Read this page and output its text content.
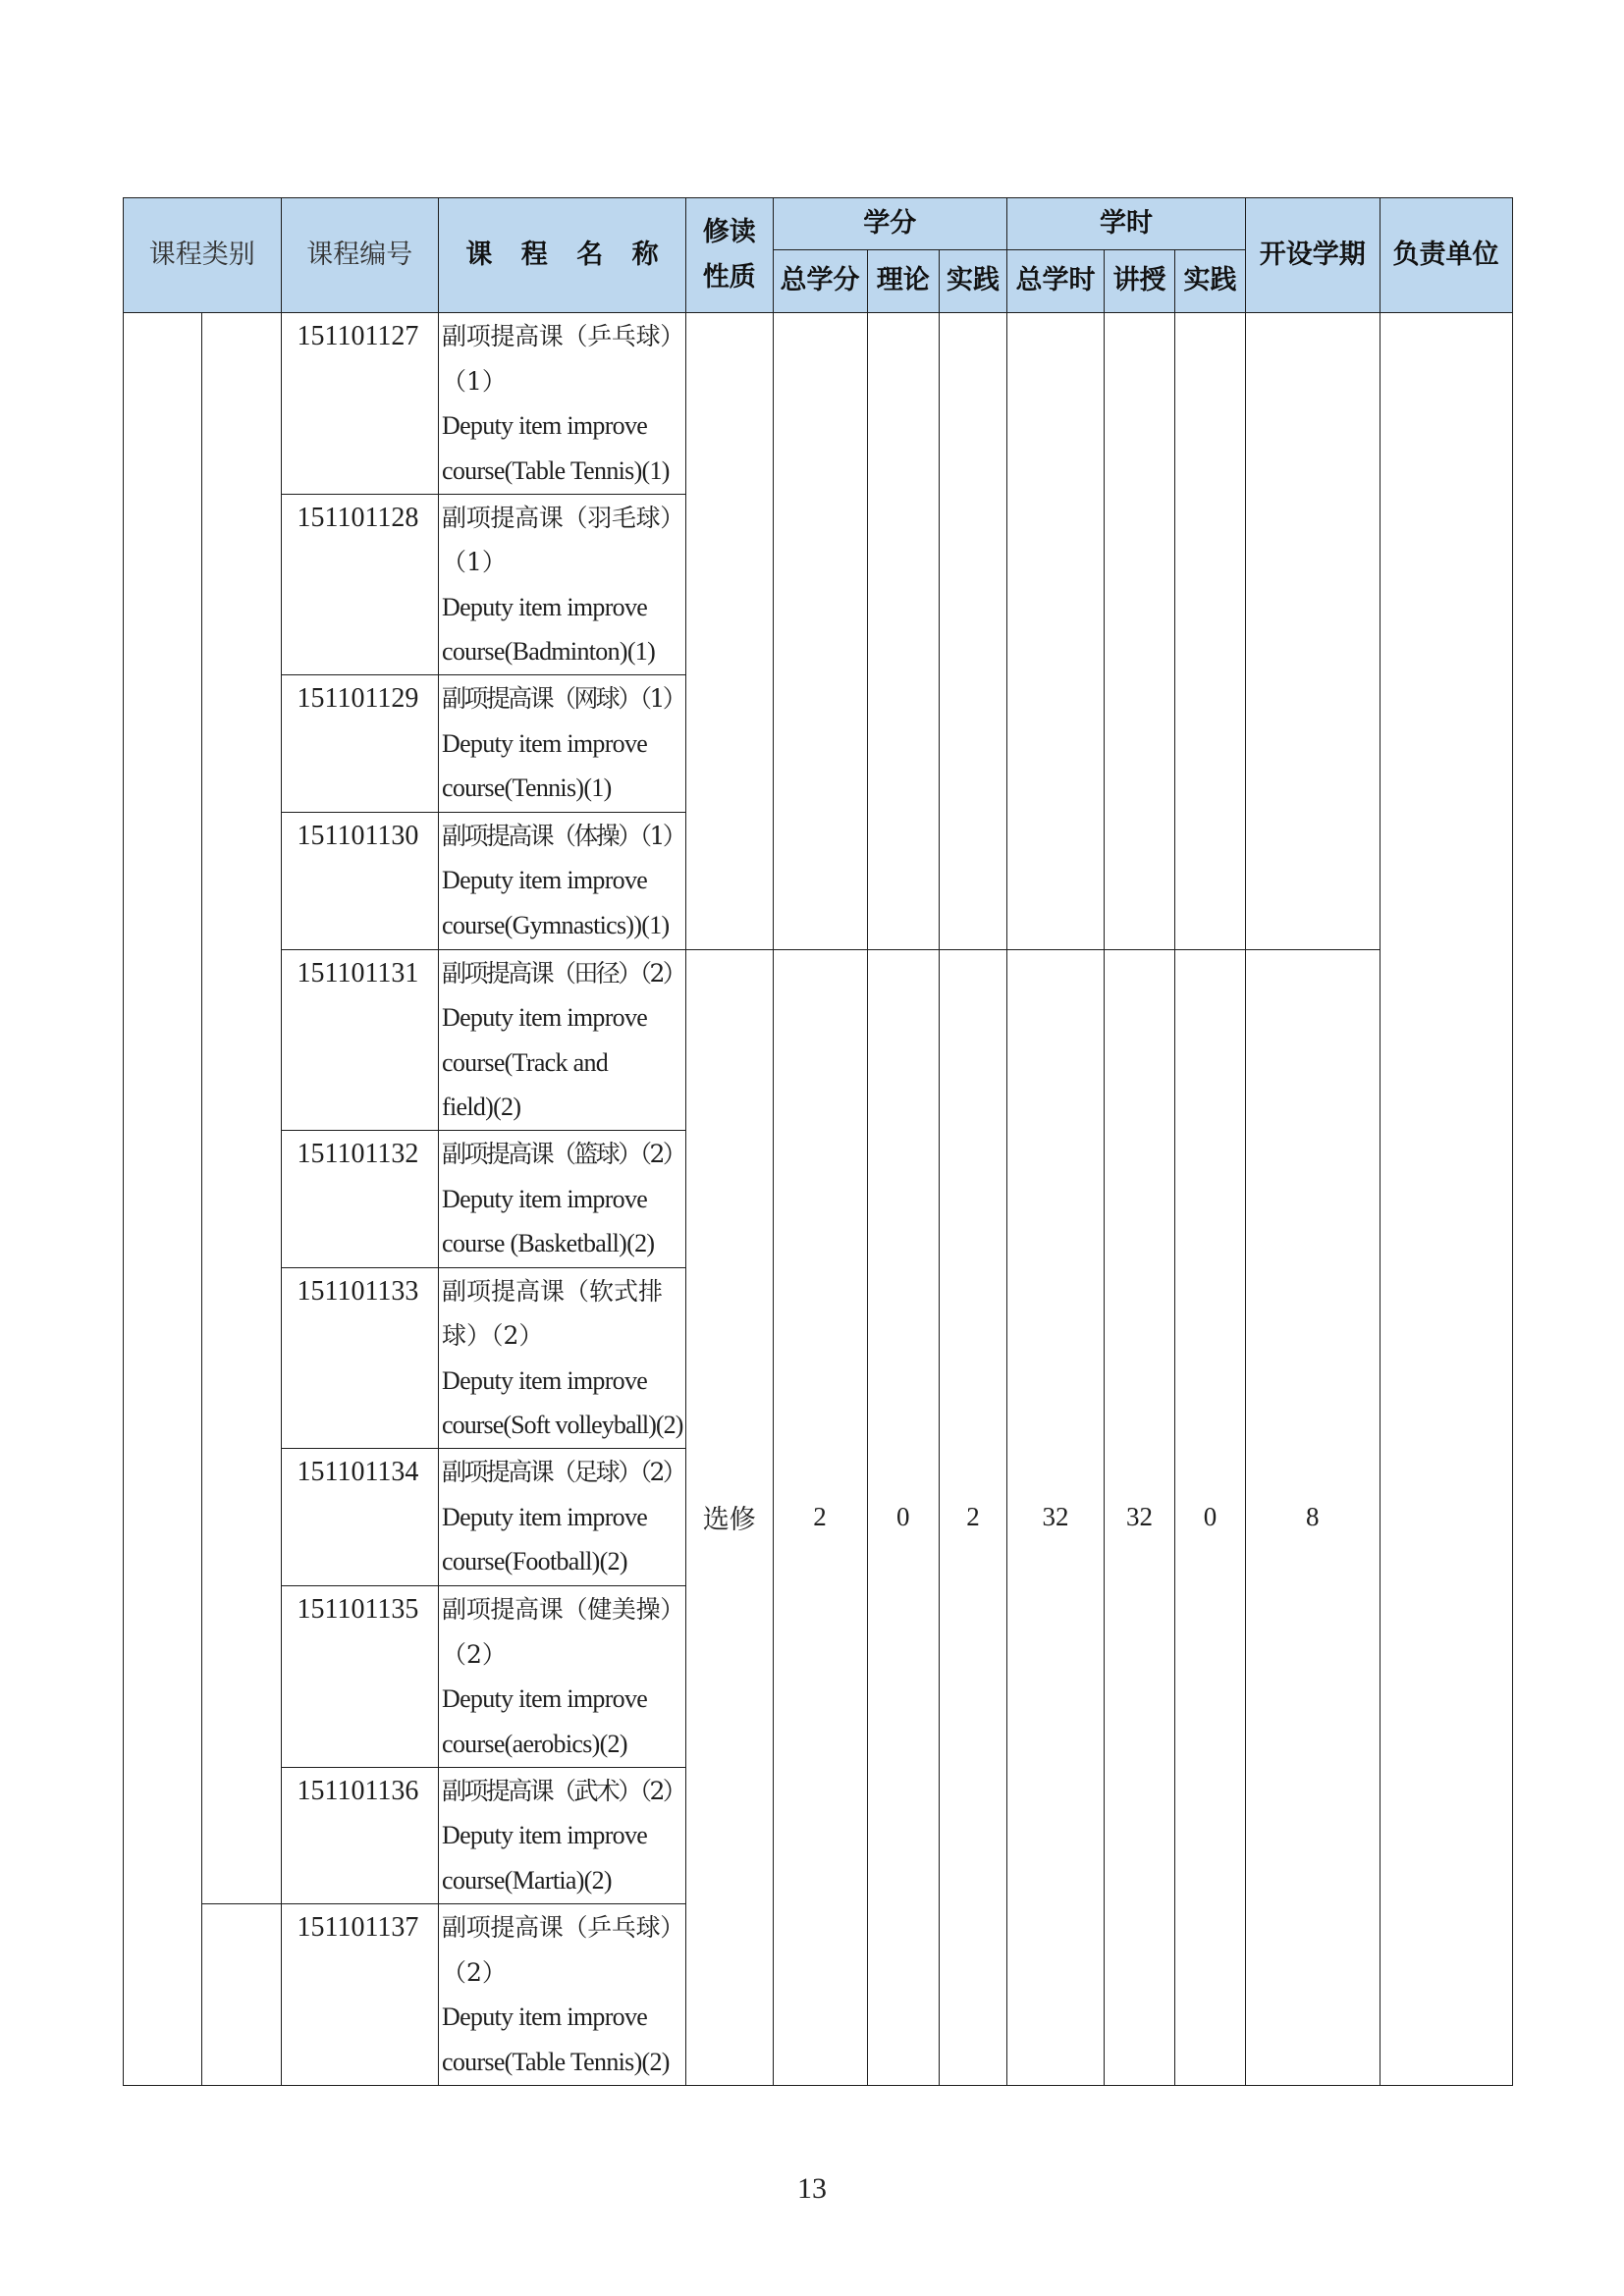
课程类别		课程编号	课 程 名 称	修读性质	学分			学时			开设学期	负责单位
					总学分	理论	实践	总学时	讲授	实践		
		151101127	副项提高课（乒乓球）
（1）
Deputy item improve
course(Table Tennis)(1)									

		151101128	副项提高课（羽毛球）
（1）
Deputy item improve
course(Badminton)(1)									

		151101129	副项提高课（网球）（1）
Deputy item improve
course(Tennis)(1)									

		151101130	副项提高课（体操）（1）
Deputy item improve
course(Gymnastics))(1)									

		151101131	副项提高课（田径）（2）
Deputy item improve
course(Track and
field)(2)	选修	2	0	2	32	32	0	8	
		151101132	副项提高课（篮球）（2）
Deputy item improve
course (Basketball)(2)									

		151101133	副项提高课（软式排
球）（2）
Deputy item improve
course(Soft volleyball)(2)									

		151101134	副项提高课（足球）（2）
Deputy item improve
course(Football)(2)									

		151101135	副项提高课（健美操）
（2）
Deputy item improve
course(aerobics)(2)									

		151101136	副项提高课（武术）（2）
Deputy item improve
course(Martia)(2)									

		151101137	副项提高课（乒乓球）
（2）
Deputy item improve
course(Table Tennis)(2)									
13
